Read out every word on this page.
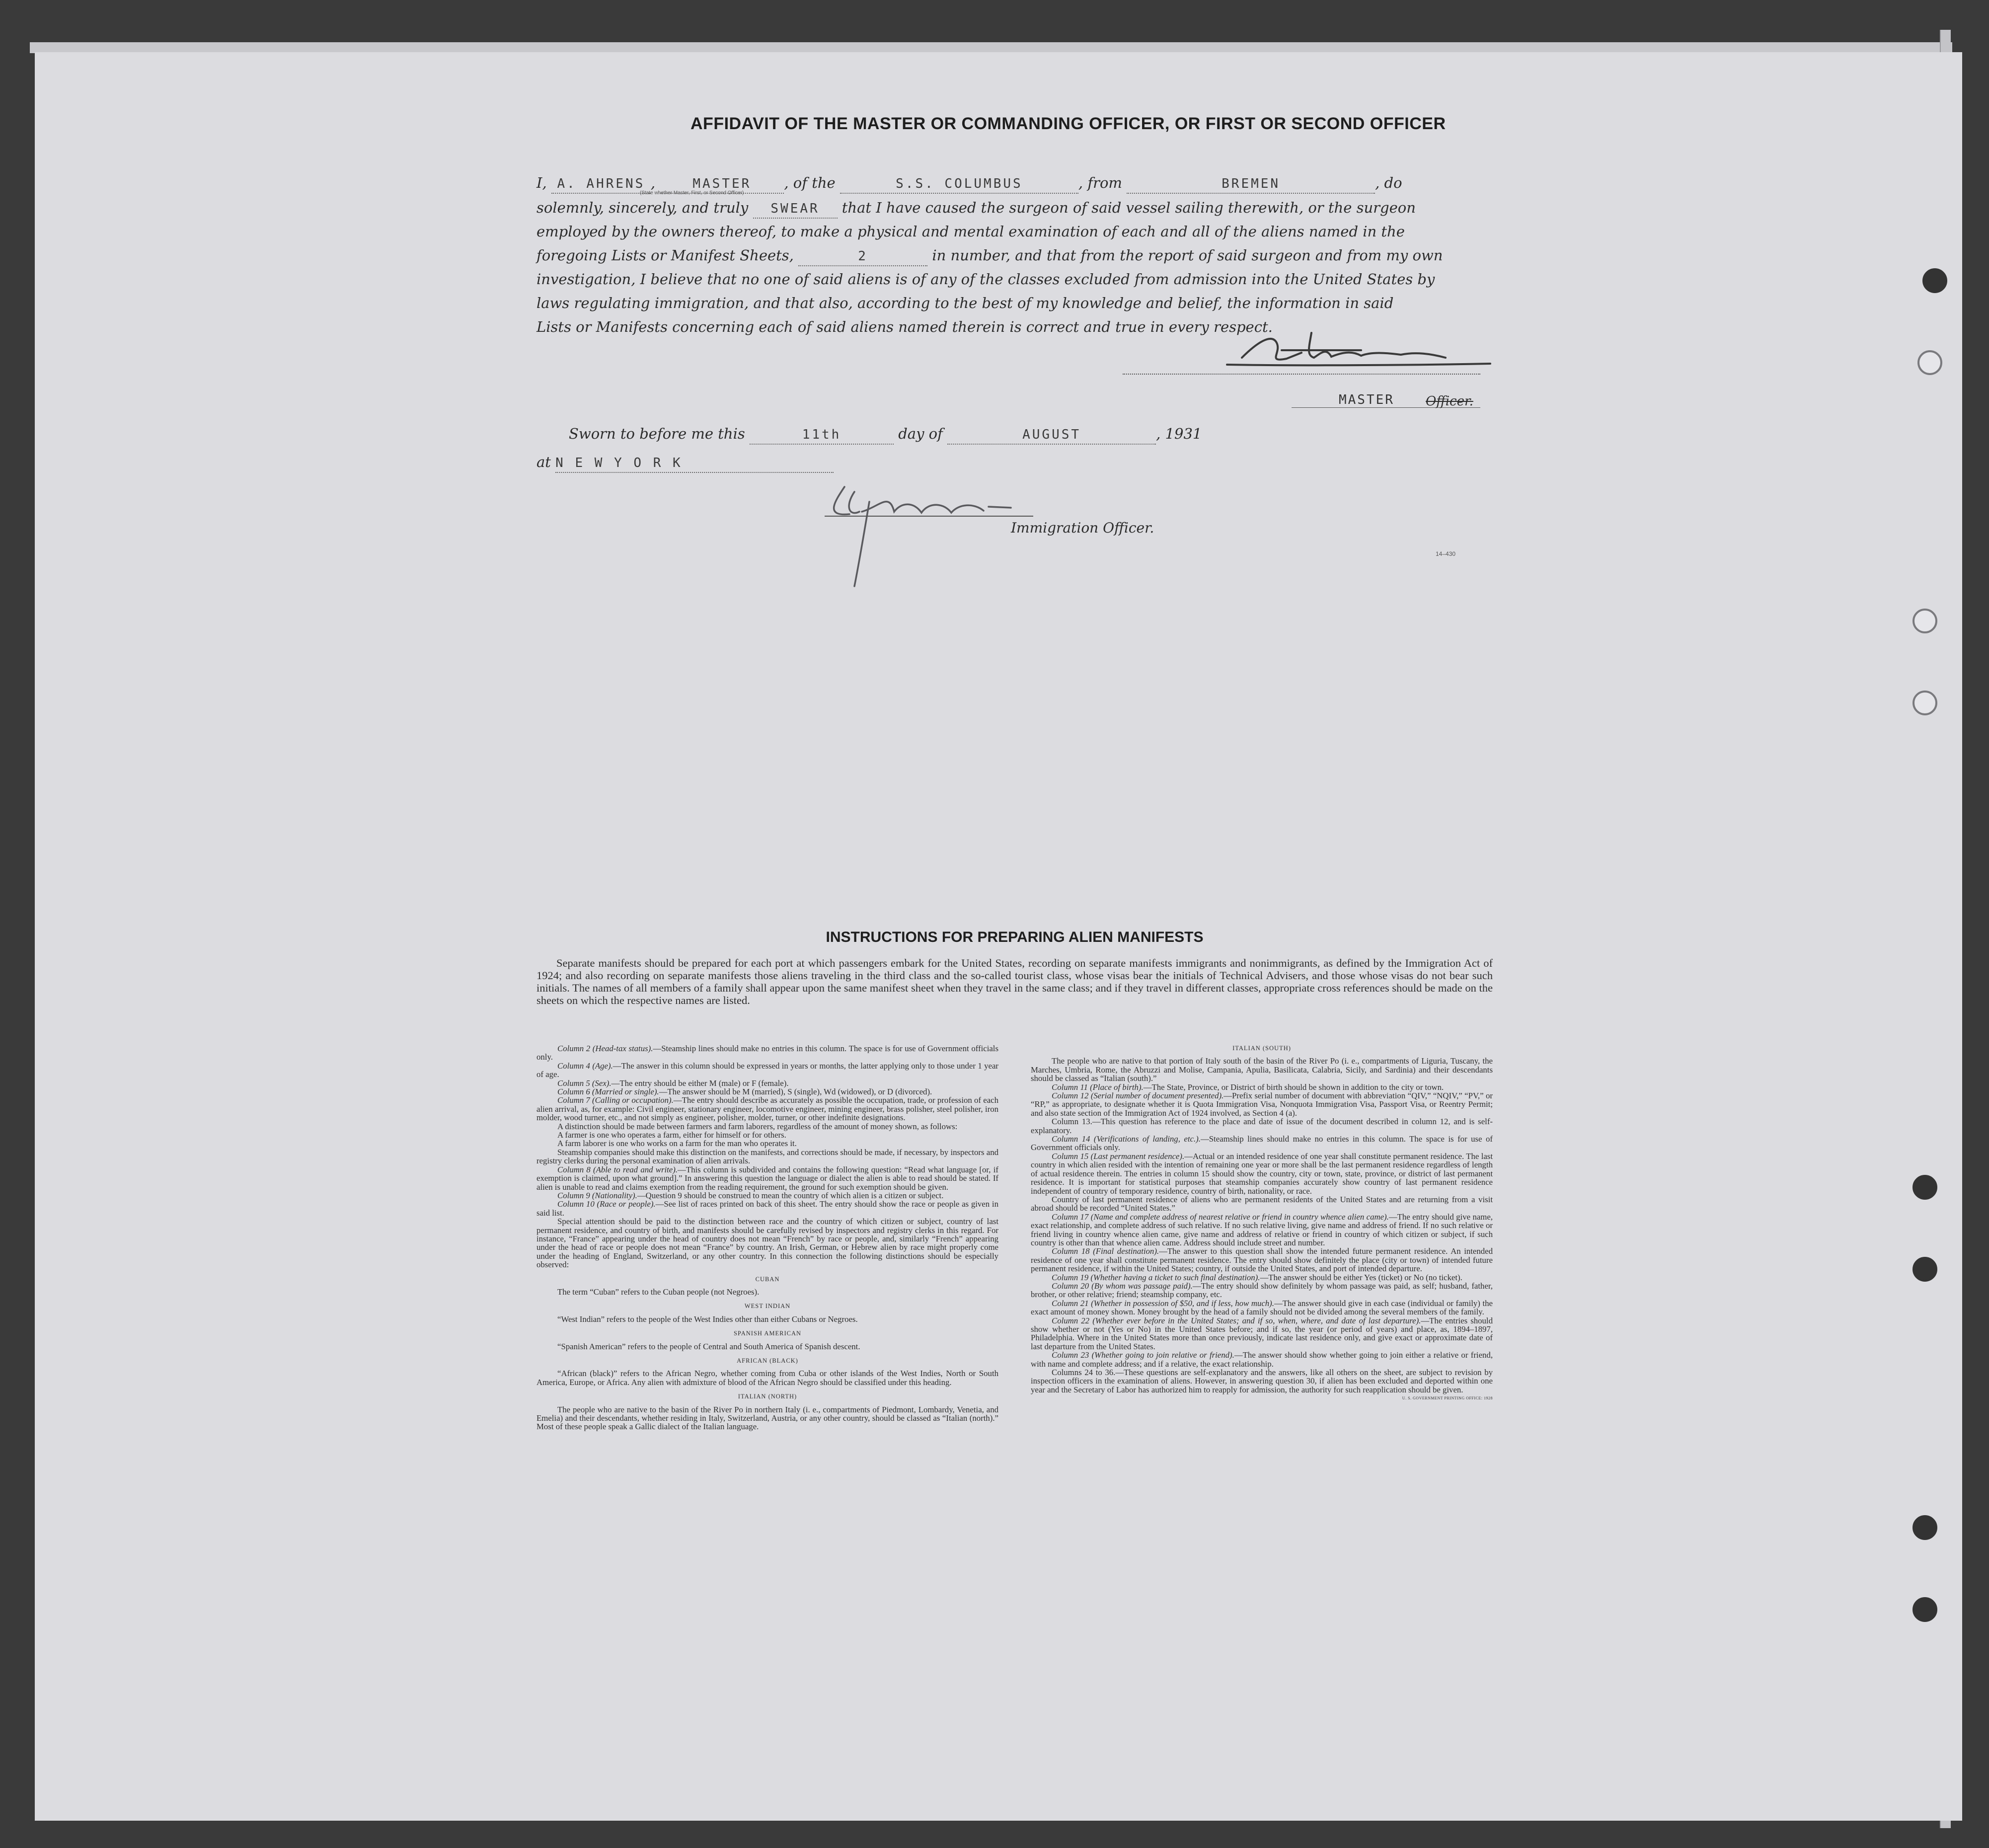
AFFIDAVIT OF THE MASTER OR COMMANDING OFFICER, OR FIRST OR SECOND OFFICER
I, A. AHRENS ,	MASTER , of the	S.S. COLUMBUS	, from	BREMEN	, do
(State whether Master, First, or Second Officer)
solemnly, sincerely, and truly SWEAR that I have caused the surgeon of said vessel sailing therewith, or the surgeon
employed by the owners thereof, to make a physical and mental examination of each and all of the aliens named in the
foregoing Lists or Manifest Sheets,	2	in number, and that from the report of said surgeon and from my own
investigation, I believe that no one of said aliens is of any of the classes excluded from admission into the United States by
laws regulating immigration, and that also, according to the best of my knowledge and belief, the information in said
Lists or Manifests concerning each of said aliens named therein is correct and true in every respect.
MASTER Officer.
Sworn to before me this	11th	day of	AUGUST	, 1931
at N E W Y O R K
Immigration Officer.
14–430
INSTRUCTIONS FOR PREPARING ALIEN MANIFESTS
Separate manifests should be prepared for each port at which passengers embark for the United States, recording on separate manifests immigrants and nonimmigrants, as defined by the Immigration Act of 1924; and also recording on separate manifests those aliens traveling in the third class and the so-called tourist class, whose visas bear the initials of Technical Advisers, and those whose visas do not bear such initials. The names of all members of a family shall appear upon the same manifest sheet when they travel in the same class; and if they travel in different classes, appropriate cross references should be made on the sheets on which the respective names are listed.

Column 2 (Head-tax status).—Steamship lines should make no entries in this column. The space is for use of Government officials only.

Column 4 (Age).—The answer in this column should be expressed in years or months, the latter applying only to those under 1 year of age.

Column 5 (Sex).—The entry should be either M (male) or F (female).

Column 6 (Married or single).—The answer should be M (married), S (single), Wd (widowed), or D (divorced).

Column 7 (Calling or occupation).—The entry should describe as accurately as possible the occupation, trade, or profession of each alien arrival, as, for example: Civil engineer, stationary engineer, locomotive engineer, mining engineer, brass polisher, steel polisher, iron molder, wood turner, etc., and not simply as engineer, polisher, molder, turner, or other indefinite designations.

A distinction should be made between farmers and farm laborers, regardless of the amount of money shown, as follows:

A farmer is one who operates a farm, either for himself or for others.

A farm laborer is one who works on a farm for the man who operates it.

Steamship companies should make this distinction on the manifests, and corrections should be made, if necessary, by inspectors and registry clerks during the personal examination of alien arrivals.

Column 8 (Able to read and write).—This column is subdivided and contains the following question: “Read what language [or, if exemption is claimed, upon what ground].” In answering this question the language or dialect the alien is able to read should be stated. If alien is unable to read and claims exemption from the reading requirement, the ground for such exemption should be given.

Column 9 (Nationality).—Question 9 should be construed to mean the country of which alien is a citizen or subject.

Column 10 (Race or people).—See list of races printed on back of this sheet. The entry should show the race or people as given in said list.

Special attention should be paid to the distinction between race and the country of which citizen or subject, country of last permanent residence, and country of birth, and manifests should be carefully revised by inspectors and registry clerks in this regard. For instance, “France” appearing under the head of country does not mean “French” by race or people, and, similarly “French” appearing under the head of race or people does not mean “France” by country. An Irish, German, or Hebrew alien by race might properly come under the heading of England, Switzerland, or any other country. In this connection the following distinctions should be especially observed:

CUBAN

The term “Cuban” refers to the Cuban people (not Negroes).

WEST INDIAN

“West Indian” refers to the people of the West Indies other than either Cubans or Negroes.

SPANISH AMERICAN

“Spanish American” refers to the people of Central and South America of Spanish descent.

AFRICAN (BLACK)

“African (black)” refers to the African Negro, whether coming from Cuba or other islands of the West Indies, North or South America, Europe, or Africa. Any alien with admixture of blood of the African Negro should be classified under this heading.

ITALIAN (NORTH)

The people who are native to the basin of the River Po in northern Italy (i. e., compartments of Piedmont, Lombardy, Venetia, and Emelia) and their descendants, whether residing in Italy, Switzerland, Austria, or any other country, should be classed as “Italian (north).” Most of these people speak a Gallic dialect of the Italian language.

ITALIAN (SOUTH)

The people who are native to that portion of Italy south of the basin of the River Po (i. e., compartments of Liguria, Tuscany, the Marches, Umbria, Rome, the Abruzzi and Molise, Campania, Apulia, Basilicata, Calabria, Sicily, and Sardinia) and their descendants should be classed as “Italian (south).”

Column 11 (Place of birth).—The State, Province, or District of birth should be shown in addition to the city or town.

Column 12 (Serial number of document presented).—Prefix serial number of document with abbreviation “QIV,” “NQIV,” “PV,” or “RP,” as appropriate, to designate whether it is Quota Immigration Visa, Nonquota Immigration Visa, Passport Visa, or Reentry Permit; and also state section of the Immigration Act of 1924 involved, as Section 4 (a).

Column 13.—This question has reference to the place and date of issue of the document described in column 12, and is self-explanatory.

Column 14 (Verifications of landing, etc.).—Steamship lines should make no entries in this column. The space is for use of Government officials only.

Column 15 (Last permanent residence).—Actual or an intended residence of one year shall constitute permanent residence. The last country in which alien resided with the intention of remaining one year or more shall be the last permanent residence regardless of length of actual residence therein. The entries in column 15 should show the country, city or town, state, province, or district of last permanent residence. It is important for statistical purposes that steamship companies accurately show country of last permanent residence independent of country of temporary residence, country of birth, nationality, or race.

Country of last permanent residence of aliens who are permanent residents of the United States and are returning from a visit abroad should be recorded “United States.”

Column 17 (Name and complete address of nearest relative or friend in country whence alien came).—The entry should give name, exact relationship, and complete address of such relative. If no such relative living, give name and address of friend. If no such relative or friend living in country whence alien came, give name and address of relative or friend in country of which citizen or subject, if such country is other than that whence alien came. Address should include street and number.

Column 18 (Final destination).—The answer to this question shall show the intended future permanent residence. An intended residence of one year shall constitute permanent residence. The entry should show definitely the place (city or town) of intended future permanent residence, if within the United States; country, if outside the United States, and port of intended departure.

Column 19 (Whether having a ticket to such final destination).—The answer should be either Yes (ticket) or No (no ticket).

Column 20 (By whom was passage paid).—The entry should show definitely by whom passage was paid, as self; husband, father, brother, or other relative; friend; steamship company, etc.

Column 21 (Whether in possession of $50, and if less, how much).—The answer should give in each case (individual or family) the exact amount of money shown. Money brought by the head of a family should not be divided among the several members of the family.

Column 22 (Whether ever before in the United States; and if so, when, where, and date of last departure).—The entries should show whether or not (Yes or No) in the United States before; and if so, the year (or period of years) and place, as, 1894–1897, Philadelphia. Where in the United States more than once previously, indicate last residence only, and give exact or approximate date of last departure from the United States.

Column 23 (Whether going to join relative or friend).—The answer should show whether going to join either a relative or friend, with name and complete address; and if a relative, the exact relationship.

Columns 24 to 36.—These questions are self-explanatory and the answers, like all others on the sheet, are subject to revision by inspection officers in the examination of aliens. However, in answering question 30, if alien has been excluded and deported within one year and the Secretary of Labor has authorized him to reapply for admission, the authority for such reapplication should be given.

U. S. GOVERNMENT PRINTING OFFICE: 1928
